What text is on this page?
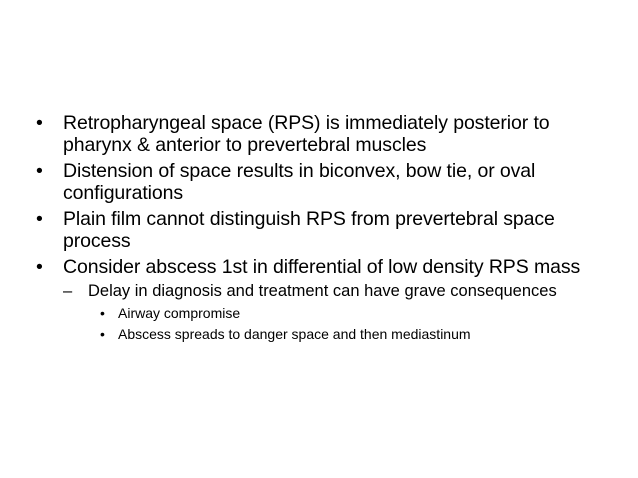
• Retropharyngeal space (RPS) is immediately posterior to pharynx & anterior to prevertebral muscles
• Distension of space results in biconvex, bow tie, or oval configurations
• Plain film cannot distinguish RPS from prevertebral space process
• Consider abscess 1st in differential of low density RPS mass
– Delay in diagnosis and treatment can have grave consequences
• Airway compromise
• Abscess spreads to danger space and then mediastinum
